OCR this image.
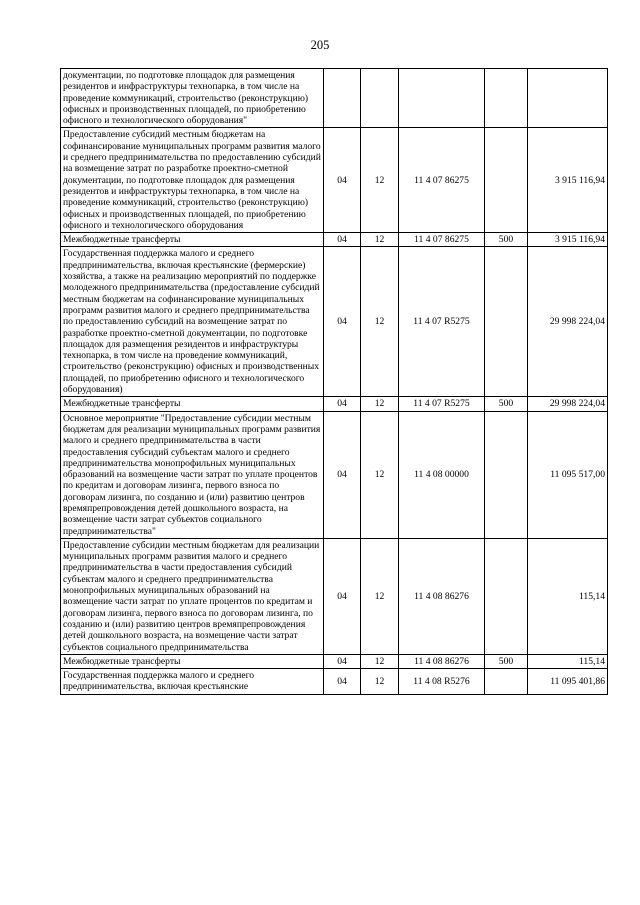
205
документации, по подготовке площадок для размещения резидентов и инфраструктуры технопарка, в том числе на проведение коммуникаций, строительство (реконструкцию) офисных и производственных площадей, по приобретению офисного и технологического оборудования"					
Предоставление субсидий местным бюджетам на софинансирование муниципальных программ развития малого и среднего предпринимательства по предоставлению субсидий на возмещение затрат по разработке проектно-сметной документации, по подготовке площадок для размещения резидентов и инфраструктуры технопарка, в том числе на проведение коммуникаций, строительство (реконструкцию) офисных и производственных площадей, по приобретению офисного и технологического оборудования	04	12	11 4 07 86275		3 915 116,94
Межбюджетные трансферты	04	12	11 4 07 86275	500	3 915 116,94
Государственная поддержка малого и среднего предпринимательства, включая крестьянские (фермерские) хозяйства, а также на реализацию мероприятий по поддержке молодежного предпринимательства (предоставление субсидий местным бюджетам на софинансирование муниципальных программ развития малого и среднего предпринимательства по предоставлению субсидий на возмещение затрат по разработке проектно-сметной документации, по подготовке площадок для размещения резидентов и инфраструктуры технопарка, в том числе на проведение коммуникаций, строительство (реконструкцию) офисных и производственных площадей, по приобретению офисного и технологического оборудования)	04	12	11 4 07 R5275		29 998 224,04
Межбюджетные трансферты	04	12	11 4 07 R5275	500	29 998 224,04
Основное мероприятие "Предоставление субсидии местным бюджетам для реализации муниципальных программ развития малого и среднего предпринимательства в части предоставления субсидий субъектам малого и среднего предпринимательства монопрофильных муниципальных образований на возмещение части затрат по уплате процентов по кредитам и договорам лизинга, первого взноса по договорам лизинга, по созданию и (или) развитию центров времяпрепровождения детей дошкольного возраста, на возмещение части затрат субъектов социального предпринимательства"	04	12	11 4 08 00000		11 095 517,00
Предоставление субсидии местным бюджетам для реализации муниципальных программ развития малого и среднего предпринимательства в части предоставления субсидий субъектам малого и среднего предпринимательства монопрофильных муниципальных образований на возмещение части затрат по уплате процентов по кредитам и договорам лизинга, первого взноса по договорам лизинга, по созданию и (или) развитию центров времяпрепровождения детей дошкольного возраста, на возмещение части затрат субъектов социального предпринимательства	04	12	11 4 08 86276		115,14
Межбюджетные трансферты	04	12	11 4 08 86276	500	115,14
Государственная поддержка малого и среднего предпринимательства, включая крестьянские	04	12	11 4 08 R5276		11 095 401,86
